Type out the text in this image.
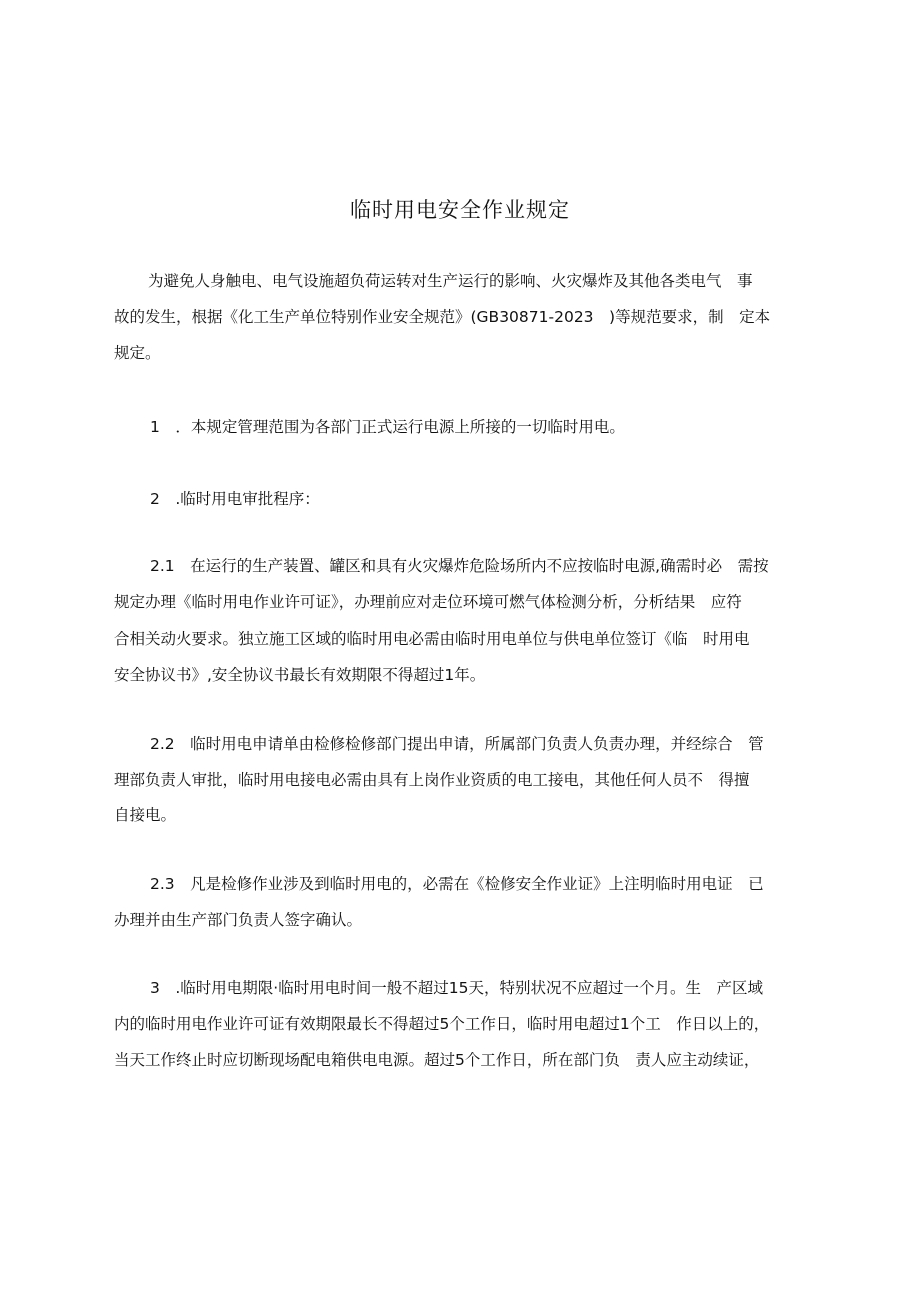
临时用电安全作业规定
为避免人身触电、电气设施超负荷运转对生产运行的影响、火灾爆炸及其他各类电气　事
故的发生，根据《化工生产单位特别作业安全规范》(GB30871-2023　)等规范要求，制　定本
规定。
1　．本规定管理范围为各部门正式运行电源上所接的一切临时用电。
2　.临时用电审批程序：
2.1　在运行的生产装置、罐区和具有火灾爆炸危险场所内不应按临时电源,确需时必　需按
规定办理《临时用电作业许可证》，办理前应对走位环境可燃气体检测分析，分析结果　应符
合相关动火要求。独立施工区域的临时用电必需由临时用电单位与供电单位签订《临　时用电
安全协议书》,安全协议书最长有效期限不得超过1年。
2.2　临时用电申请单由检修检修部门提出申请，所属部门负责人负责办理，并经综合　管
理部负责人审批，临时用电接电必需由具有上岗作业资质的电工接电，其他任何人员不　得擅
自接电。
2.3　凡是检修作业涉及到临时用电的，必需在《检修安全作业证》上注明临时用电证　已
办理并由生产部门负责人签字确认。
3　.临时用电期限·临时用电时间一般不超过15天，特别状况不应超过一个月。生　产区域
内的临时用电作业许可证有效期限最长不得超过5个工作日，临时用电超过1个工　作日以上的，
当天工作终止时应切断现场配电箱供电电源。超过5个工作日，所在部门负　责人应主动续证，
